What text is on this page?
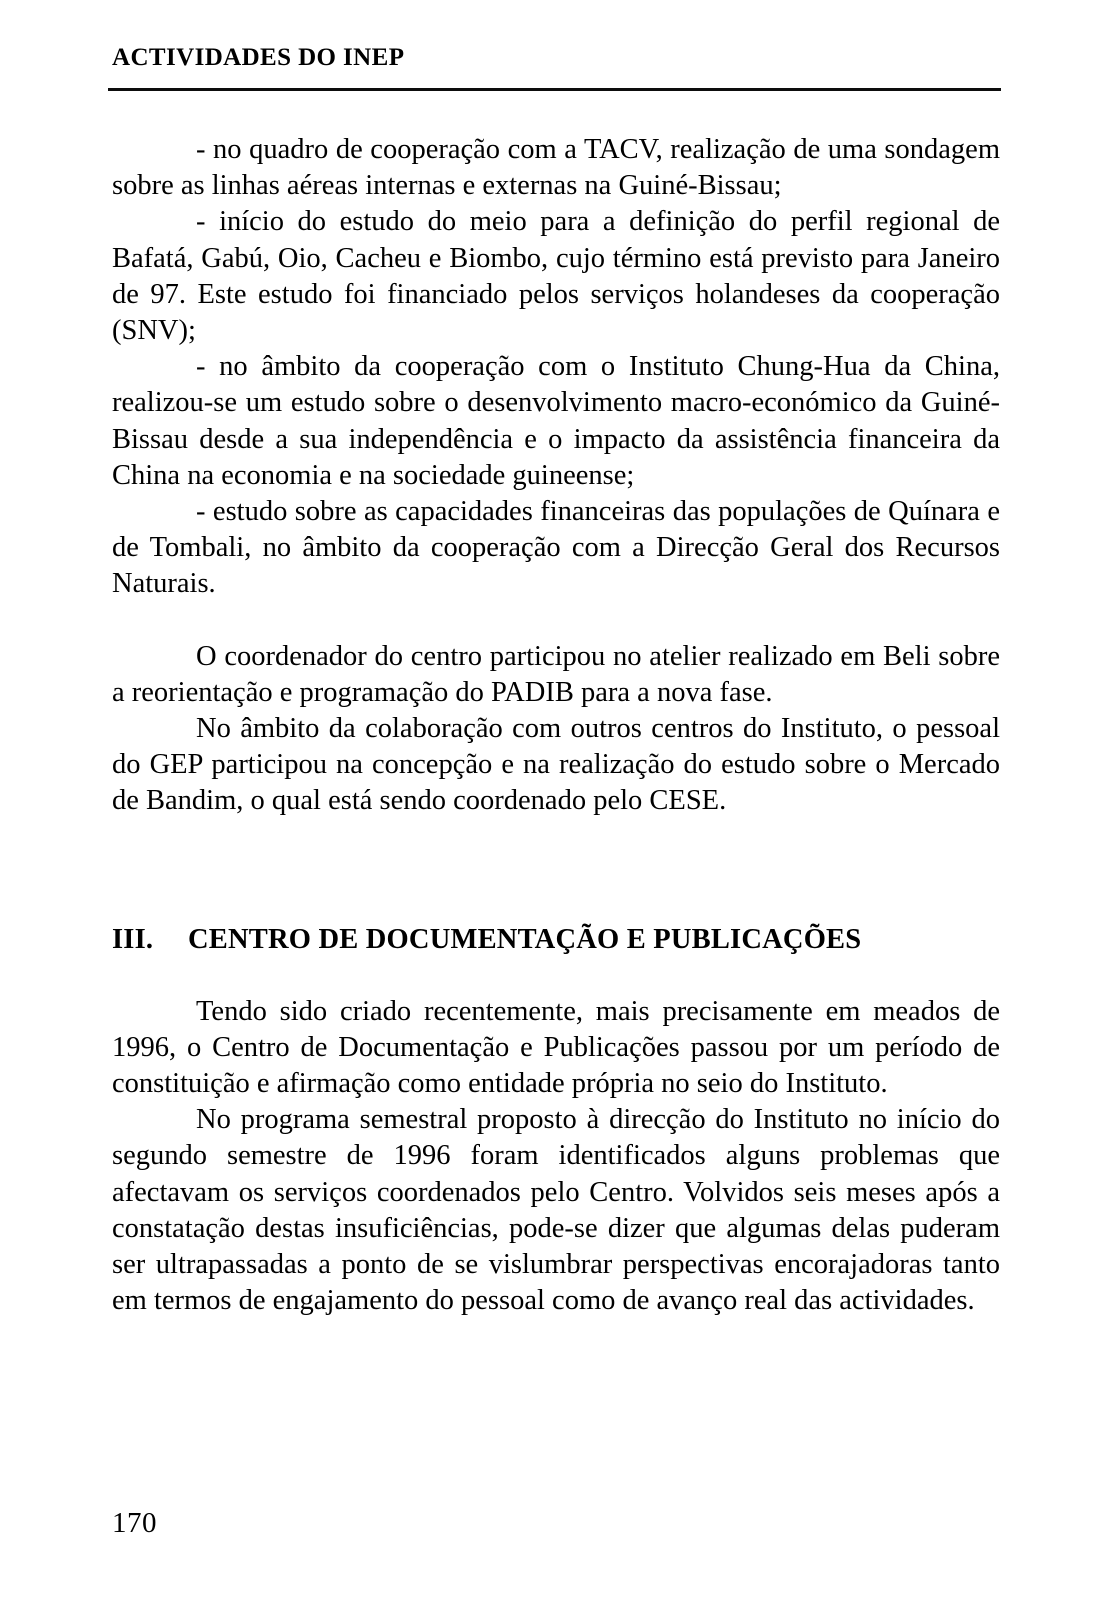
ACTIVIDADES DO INEP

- no quadro de cooperação com a TACV, realização de uma sondagem sobre as linhas aéreas internas e externas na Guiné-Bissau;

- início do estudo do meio para a definição do perfil regional de Bafatá, Gabú, Oio, Cacheu e Biombo, cujo término está previsto para Janeiro de 97. Este estudo foi financiado pelos serviços holandeses da cooperação (SNV);

- no âmbito da cooperação com o Instituto Chung-Hua da China, realizou-se um estudo sobre o desenvolvimento macro-económico da Guiné-Bissau desde a sua independência e o impacto da assistência financeira da China na economia e na sociedade guineense;

- estudo sobre as capacidades financeiras das populações de Quínara e de Tombali, no âmbito da cooperação com a Direcção Geral dos Recursos Naturais.

O coordenador do centro participou no atelier realizado em Beli sobre a reorientação e programação do PADIB para a nova fase.

No âmbito da colaboração com outros centros do Instituto, o pessoal do GEP participou na concepção e na realização do estudo sobre o Mercado de Bandim, o qual está sendo coordenado pelo CESE.

III.	CENTRO DE DOCUMENTAÇÃO E PUBLICAÇÕES

Tendo sido criado recentemente, mais precisamente em meados de 1996, o Centro de Documentação e Publicações passou por um período de constituição e afirmação como entidade própria no seio do Instituto.

No programa semestral proposto à direcção do Instituto no início do segundo semestre de 1996 foram identificados alguns problemas que afectavam os serviços coordenados pelo Centro. Volvidos seis meses após a constatação destas insuficiências, pode-se dizer que algumas delas puderam ser ultrapassadas a ponto de se vislumbrar perspectivas encorajadoras tanto em termos de engajamento do pessoal como de avanço real das actividades.

170
